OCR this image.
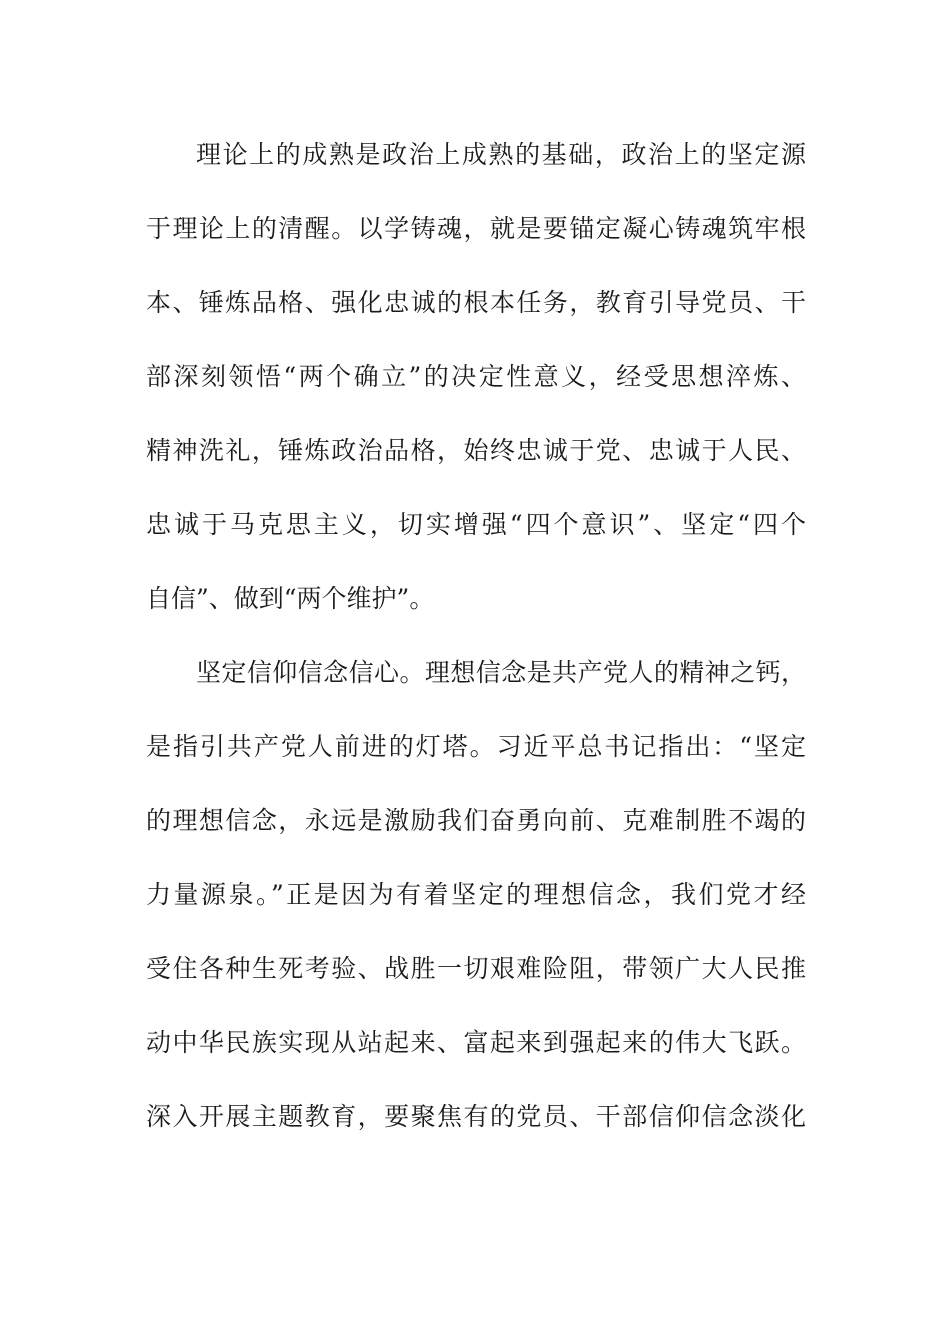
理论上的成熟是政治上成熟的基础，政治上的坚定源
于理论上的清醒。以学铸魂，就是要锚定凝心铸魂筑牢根
本、锤炼品格、强化忠诚的根本任务，教育引导党员、干
部深刻领悟“两个确立”的决定性意义，经受思想淬炼、
精神洗礼，锤炼政治品格，始终忠诚于党、忠诚于人民、
忠诚于马克思主义，切实增强“四个意识”、坚定“四个
自信”、做到“两个维护”。
坚定信仰信念信心。理想信念是共产党人的精神之钙，
是指引共产党人前进的灯塔。习近平总书记指出：“坚定
的理想信念，永远是激励我们奋勇向前、克难制胜不竭的
力量源泉。”正是因为有着坚定的理想信念，我们党才经
受住各种生死考验、战胜一切艰难险阻，带领广大人民推
动中华民族实现从站起来、富起来到强起来的伟大飞跃。
深入开展主题教育，要聚焦有的党员、干部信仰信念淡化
